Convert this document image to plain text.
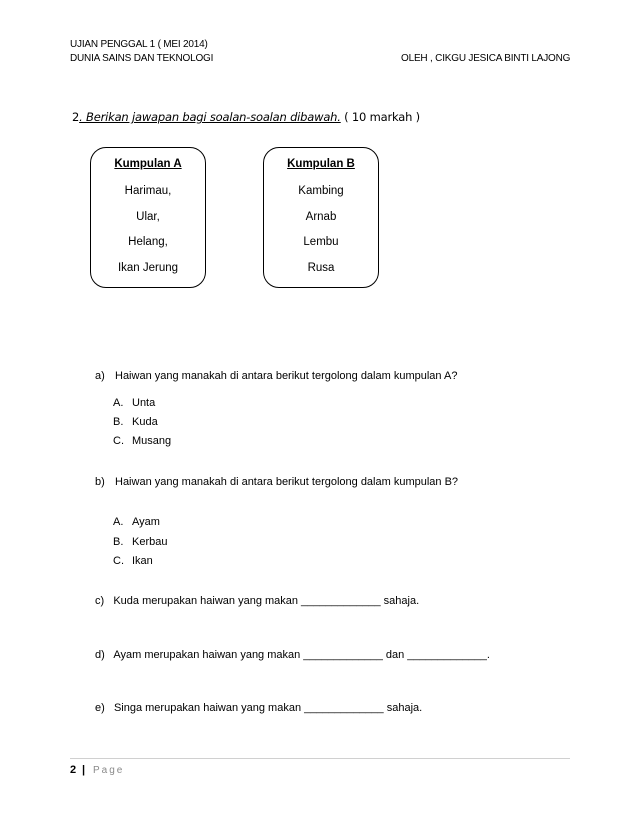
UJIAN PENGGAL 1 ( MEI 2014)
DUNIA SAINS DAN TEKNOLOGI	OLEH , CIKGU JESICA BINTI LAJONG
2. Berikan jawapan bagi soalan-soalan dibawah. ( 10 markah )
Kumpulan A
Harimau,
Ular,
Helang,
Ikan Jerung
Kumpulan B
Kambing
Arnab
Lembu
Rusa
a) Haiwan yang manakah di antara berikut tergolong dalam kumpulan A?
A. Unta
B. Kuda
C. Musang
b) Haiwan yang manakah di antara berikut tergolong dalam kumpulan B?
A. Ayam
B. Kerbau
C. Ikan
c)   Kuda merupakan haiwan yang makan _____________ sahaja.
d)   Ayam merupakan haiwan yang makan _____________ dan _____________.
e)   Singa merupakan haiwan yang makan _____________ sahaja.
2 | Page
